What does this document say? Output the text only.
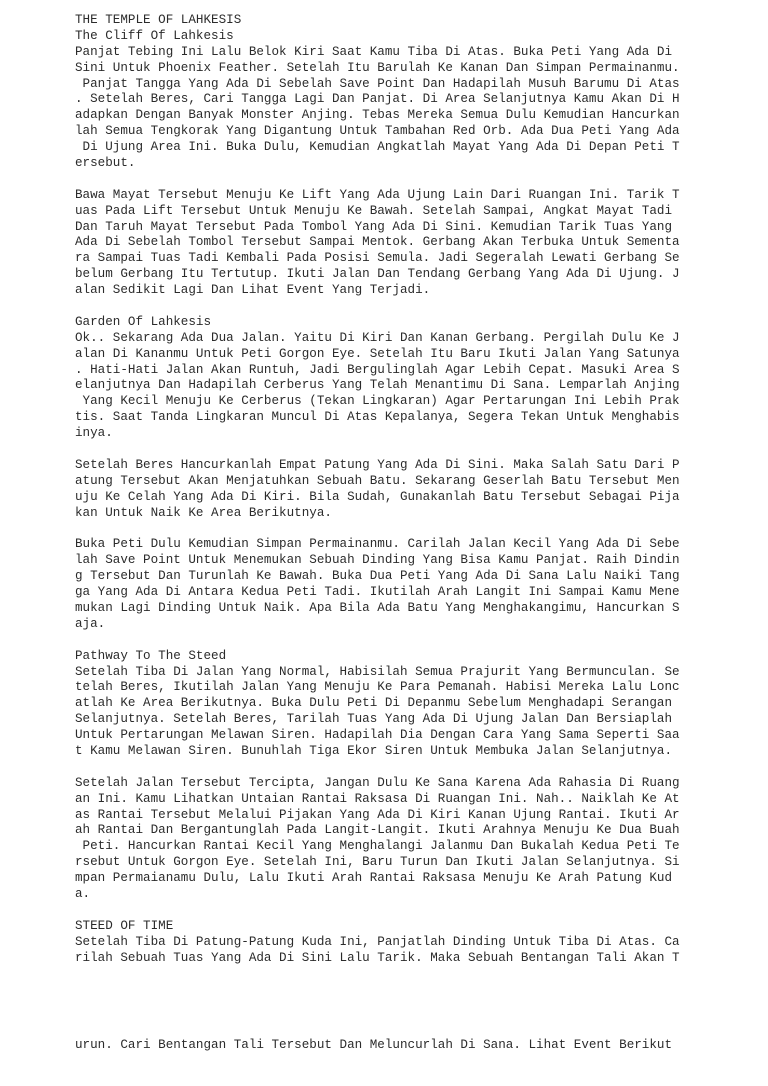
THE TEMPLE OF LAHKESIS
The Cliff Of Lahkesis
Panjat Tebing Ini Lalu Belok Kiri Saat Kamu Tiba Di Atas. Buka Peti Yang Ada Di
Sini Untuk Phoenix Feather. Setelah Itu Barulah Ke Kanan Dan Simpan Permainanmu.
Panjat Tangga Yang Ada Di Sebelah Save Point Dan Hadapilah Musuh Barumu Di Atas
. Setelah Beres, Cari Tangga Lagi Dan Panjat. Di Area Selanjutnya Kamu Akan Di H
adapkan Dengan Banyak Monster Anjing. Tebas Mereka Semua Dulu Kemudian Hancurkan
lah Semua Tengkorak Yang Digantung Untuk Tambahan Red Orb. Ada Dua Peti Yang Ada
Di Ujung Area Ini. Buka Dulu, Kemudian Angkatlah Mayat Yang Ada Di Depan Peti T
ersebut.
Bawa Mayat Tersebut Menuju Ke Lift Yang Ada Ujung Lain Dari Ruangan Ini. Tarik T
uas Pada Lift Tersebut Untuk Menuju Ke Bawah. Setelah Sampai, Angkat Mayat Tadi
Dan Taruh Mayat Tersebut Pada Tombol Yang Ada Di Sini. Kemudian Tarik Tuas Yang
Ada Di Sebelah Tombol Tersebut Sampai Mentok. Gerbang Akan Terbuka Untuk Sementa
ra Sampai Tuas Tadi Kembali Pada Posisi Semula. Jadi Segeralah Lewati Gerbang Se
belum Gerbang Itu Tertutup. Ikuti Jalan Dan Tendang Gerbang Yang Ada Di Ujung. J
alan Sedikit Lagi Dan Lihat Event Yang Terjadi.
Garden Of Lahkesis
Ok.. Sekarang Ada Dua Jalan. Yaitu Di Kiri Dan Kanan Gerbang. Pergilah Dulu Ke J
alan Di Kananmu Untuk Peti Gorgon Eye. Setelah Itu Baru Ikuti Jalan Yang Satunya
. Hati-Hati Jalan Akan Runtuh, Jadi Bergulinglah Agar Lebih Cepat. Masuki Area S
elanjutnya Dan Hadapilah Cerberus Yang Telah Menantimu Di Sana. Lemparlah Anjing
Yang Kecil Menuju Ke Cerberus (Tekan Lingkaran) Agar Pertarungan Ini Lebih Prak
tis. Saat Tanda Lingkaran Muncul Di Atas Kepalanya, Segera Tekan Untuk Menghabis
inya.
Setelah Beres Hancurkanlah Empat Patung Yang Ada Di Sini. Maka Salah Satu Dari P
atung Tersebut Akan Menjatuhkan Sebuah Batu. Sekarang Geserlah Batu Tersebut Men
uju Ke Celah Yang Ada Di Kiri. Bila Sudah, Gunakanlah Batu Tersebut Sebagai Pija
kan Untuk Naik Ke Area Berikutnya.
Buka Peti Dulu Kemudian Simpan Permainanmu. Carilah Jalan Kecil Yang Ada Di Sebe
lah Save Point Untuk Menemukan Sebuah Dinding Yang Bisa Kamu Panjat. Raih Dindin
g Tersebut Dan Turunlah Ke Bawah. Buka Dua Peti Yang Ada Di Sana Lalu Naiki Tang
ga Yang Ada Di Antara Kedua Peti Tadi. Ikutilah Arah Langit Ini Sampai Kamu Mene
mukan Lagi Dinding Untuk Naik. Apa Bila Ada Batu Yang Menghakangimu, Hancurkan S
aja.
Pathway To The Steed
Setelah Tiba Di Jalan Yang Normal, Habisilah Semua Prajurit Yang Bermunculan. Se
telah Beres, Ikutilah Jalan Yang Menuju Ke Para Pemanah. Habisi Mereka Lalu Lonc
atlah Ke Area Berikutnya. Buka Dulu Peti Di Depanmu Sebelum Menghadapi Serangan
Selanjutnya. Setelah Beres, Tarilah Tuas Yang Ada Di Ujung Jalan Dan Bersiaplah
Untuk Pertarungan Melawan Siren. Hadapilah Dia Dengan Cara Yang Sama Seperti Saa
t Kamu Melawan Siren. Bunuhlah Tiga Ekor Siren Untuk Membuka Jalan Selanjutnya.
Setelah Jalan Tersebut Tercipta, Jangan Dulu Ke Sana Karena Ada Rahasia Di Ruang
an Ini. Kamu Lihatkan Untaian Rantai Raksasa Di Ruangan Ini. Nah.. Naiklah Ke At
as Rantai Tersebut Melalui Pijakan Yang Ada Di Kiri Kanan Ujung Rantai. Ikuti Ar
ah Rantai Dan Bergantunglah Pada Langit-Langit. Ikuti Arahnya Menuju Ke Dua Buah
Peti. Hancurkan Rantai Kecil Yang Menghalangi Jalanmu Dan Bukalah Kedua Peti Te
rsebut Untuk Gorgon Eye. Setelah Ini, Baru Turun Dan Ikuti Jalan Selanjutnya. Si
mpan Permaianamu Dulu, Lalu Ikuti Arah Rantai Raksasa Menuju Ke Arah Patung Kud
a.
STEED OF TIME
Setelah Tiba Di Patung-Patung Kuda Ini, Panjatlah Dinding Untuk Tiba Di Atas. Ca
rilah Sebuah Tuas Yang Ada Di Sini Lalu Tarik. Maka Sebuah Bentangan Tali Akan T

urun. Cari Bentangan Tali Tersebut Dan Meluncurlah Di Sana. Lihat Event Berikut
